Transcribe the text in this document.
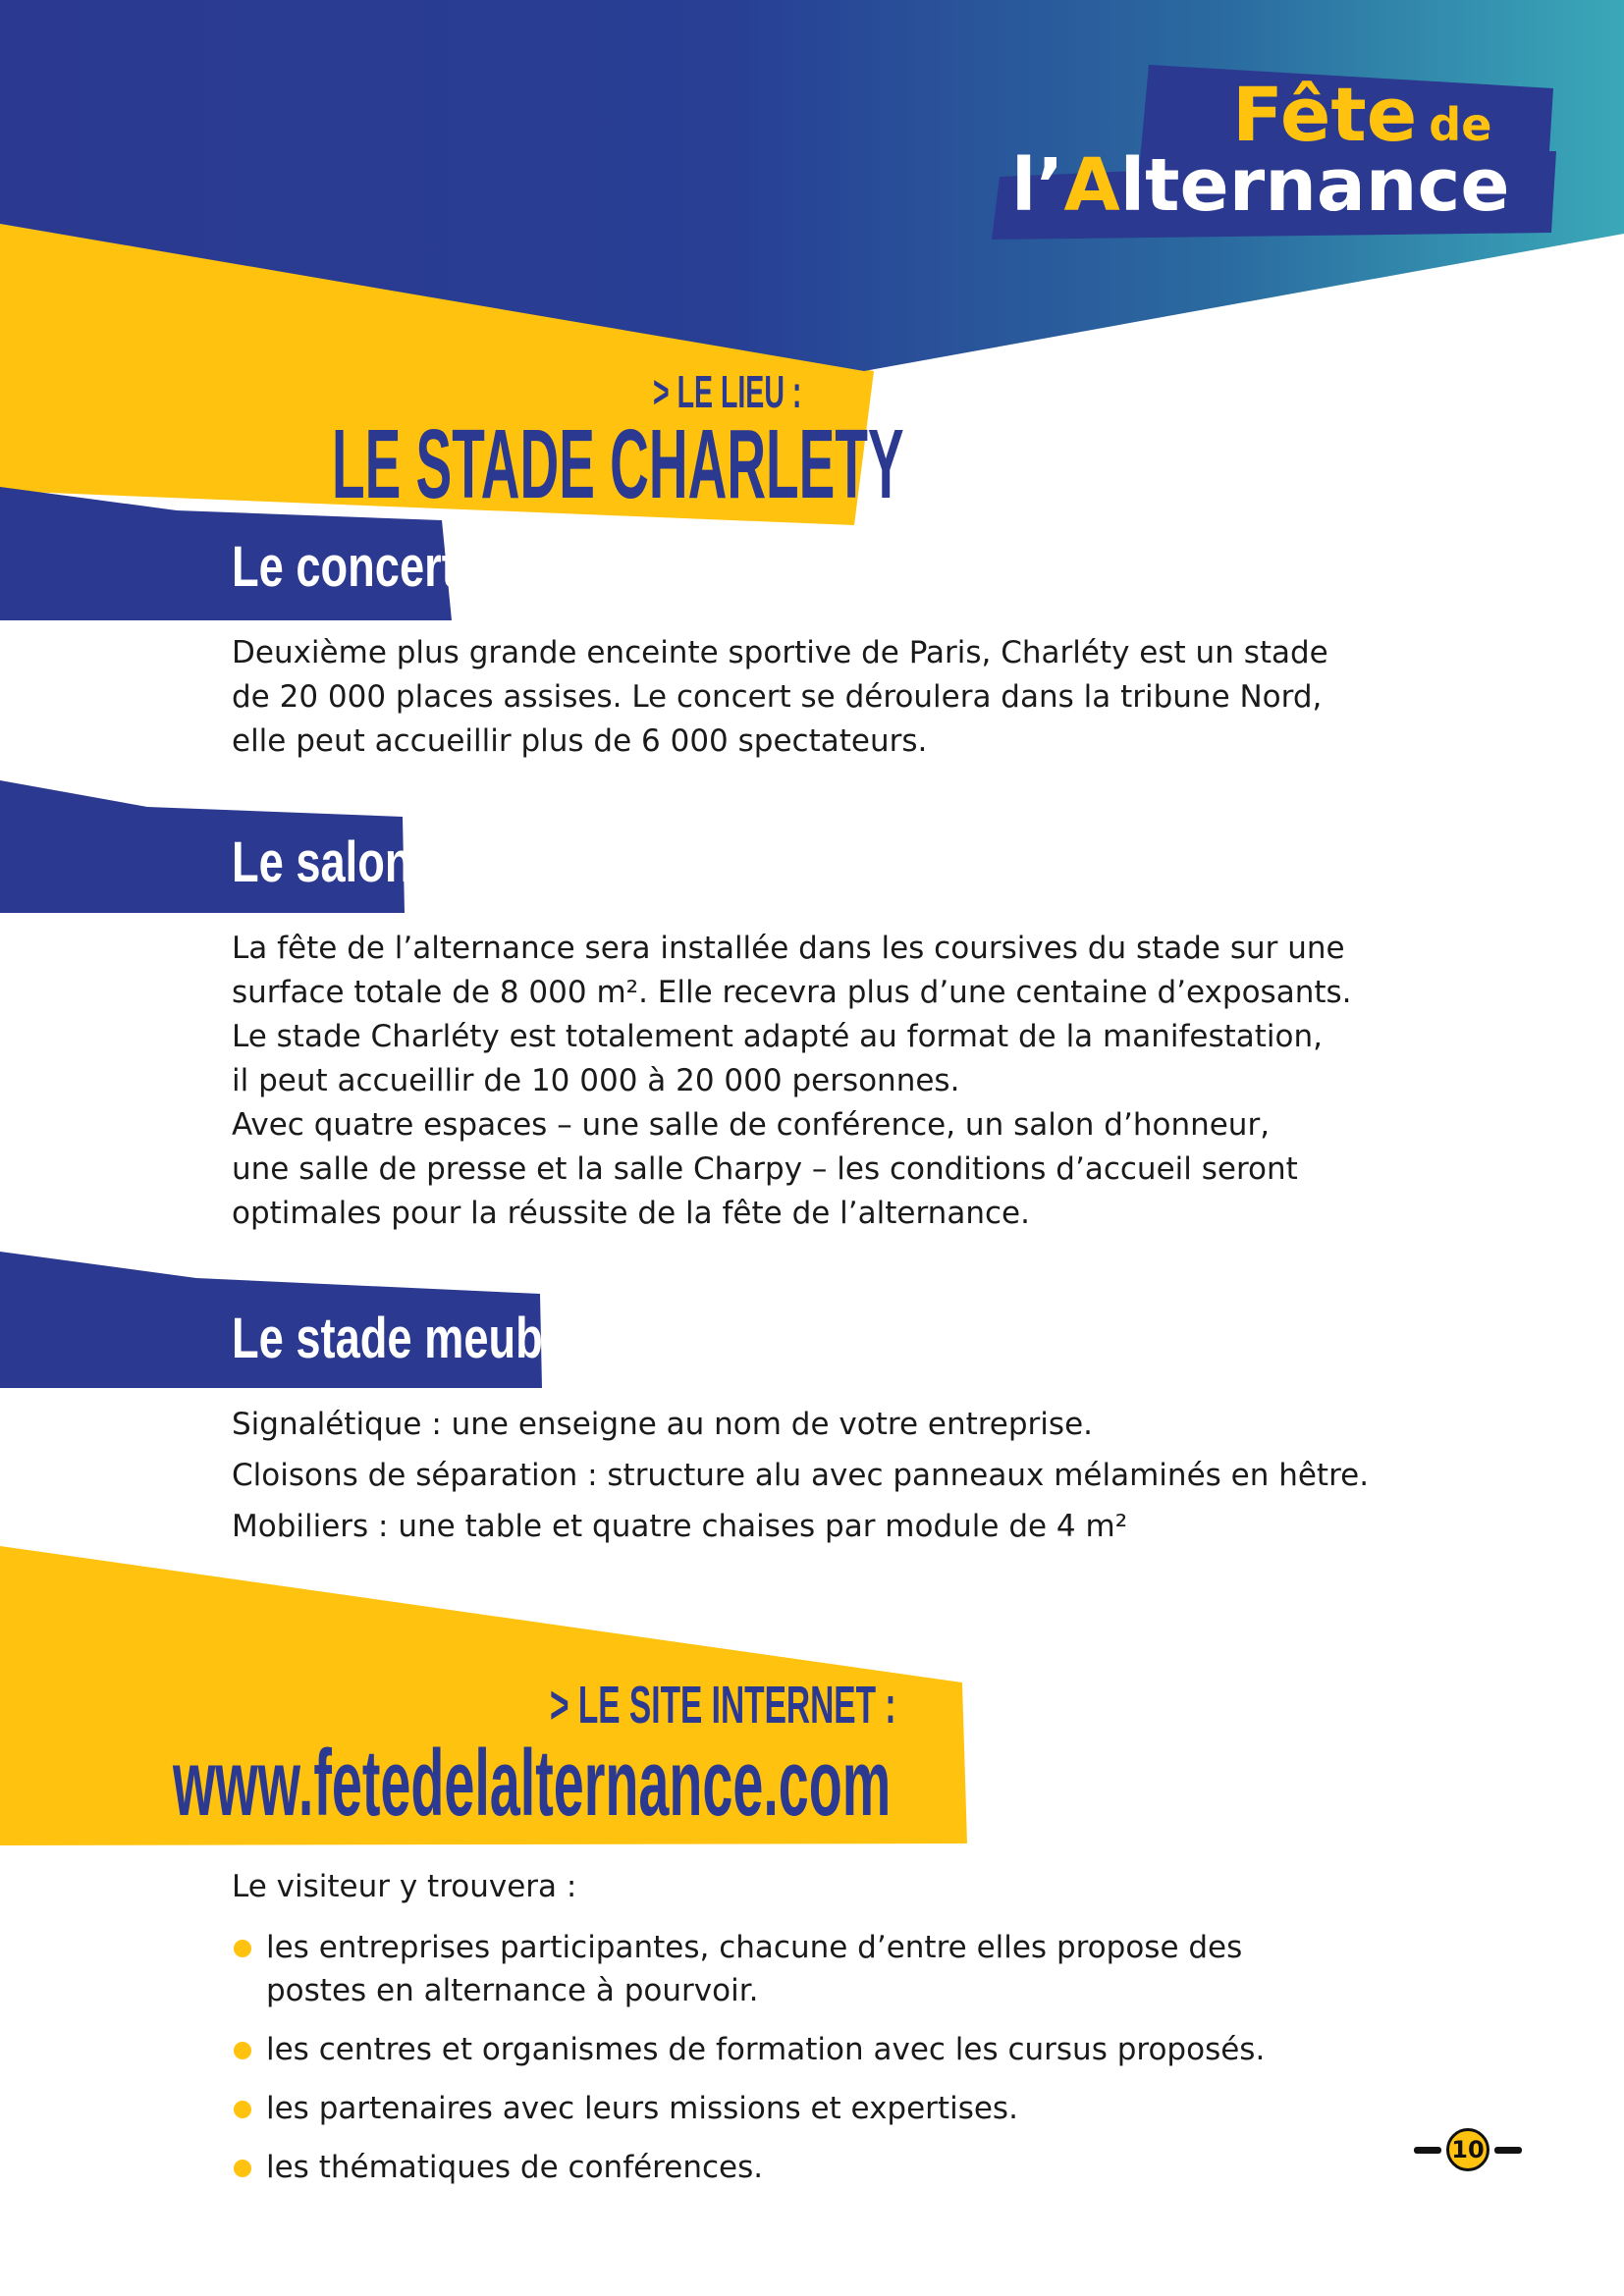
Fête de
l’Alternance
> LE LIEU :
LE STADE CHARLETY
Le concert

Deuxième plus grande enceinte sportive de Paris, Charléty est un stade

de 20 000 places assises. Le concert se déroulera dans la tribune Nord,

elle peut accueillir plus de 6 000 spectateurs.

Le salon

La fête de l’alternance sera installée dans les coursives du stade sur une

surface totale de 8 000 m². Elle recevra plus d’une centaine d’exposants.

Le stade Charléty est totalement adapté au format de la manifestation,

il peut accueillir de 10 000 à 20 000 personnes.

Avec quatre espaces – une salle de conférence, un salon d’honneur,

une salle de presse et la salle Charpy – les conditions d’accueil seront

optimales pour la réussite de la fête de l’alternance.

Le stade meublé

Signalétique : une enseigne au nom de votre entreprise.

Cloisons de séparation : structure alu avec panneaux mélaminés en hêtre.

Mobiliers : une table et quatre chaises par module de 4 m²

> LE SITE INTERNET :
www.fetedelalternance.com
Le visiteur y trouvera :
les entreprises participantes, chacune d’entre elles propose des
postes en alternance à pourvoir.
les centres et organismes de formation avec les cursus proposés.
les partenaires avec leurs missions et expertises.
les thématiques de conférences.	10
